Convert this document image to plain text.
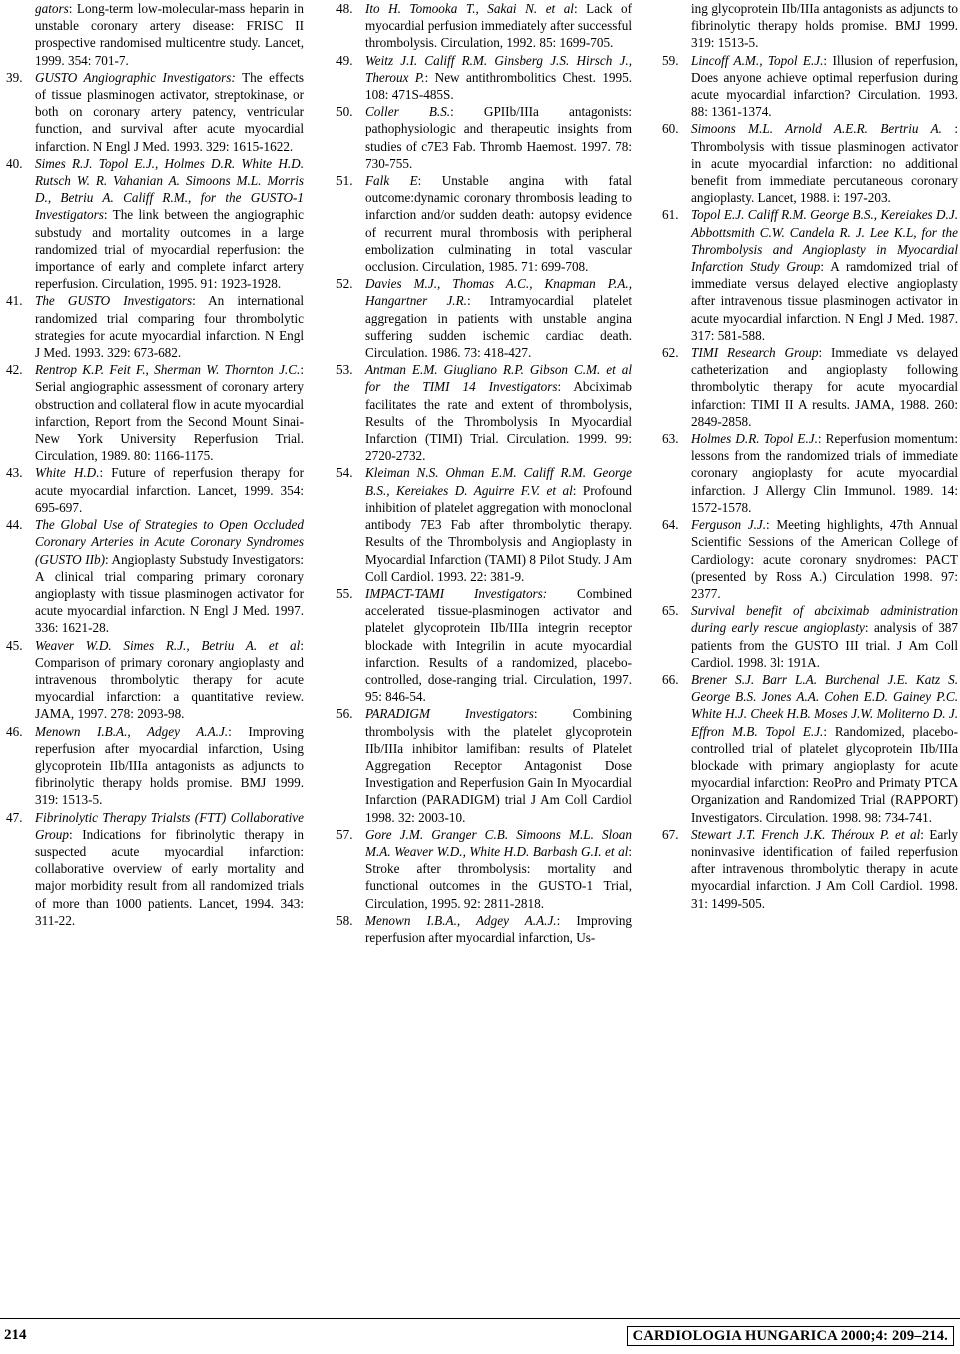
gators: Long-term low-molecular-mass heparin in unstable coronary artery disease: FRISC II prospective randomised multicentre study. Lancet, 1999. 354: 701-7.

39. GUSTO Angiographic Investigators: The effects of tissue plasminogen activator, streptokinase, or both on coronary artery patency, ventricular function, and survival after acute myocardial infarction. N Engl J Med. 1993. 329: 1615-1622.

40. Simes R.J. Topol E.J., Holmes D.R. White H.D. Rutsch W. R. Vahanian A. Simoons M.L. Morris D., Betriu A. Califf R.M., for the GUSTO-1 Investigators: The link between the angiographic substudy and mortality outcomes in a large randomized trial of myocardial reperfusion: the importance of early and complete infarct artery reperfusion. Circulation, 1995. 91: 1923-1928.

41. The GUSTO Investigators: An international randomized trial comparing four thrombolytic strategies for acute myocardial infarction. N Engl J Med. 1993. 329: 673-682.

42. Rentrop K.P. Feit F., Sherman W. Thornton J.C.: Serial angiographic assessment of coronary artery obstruction and collateral flow in acute myocardial infarction, Report from the Second Mount Sinai-New York University Reperfusion Trial. Circulation, 1989. 80: 1166-1175.

43. White H.D.: Future of reperfusion therapy for acute myocardial infarction. Lancet, 1999. 354: 695-697.

44. The Global Use of Strategies to Open Occluded Coronary Arteries in Acute Coronary Syndromes (GUSTO IIb): Angioplasty Substudy Investigators: A clinical trial comparing primary coronary angioplasty with tissue plasminogen activator for acute myocardial infarction. N Engl J Med. 1997. 336: 1621-28.

45. Weaver W.D. Simes R.J., Betriu A. et al: Comparison of primary coronary angioplasty and intravenous thrombolytic therapy for acute myocardial infarction: a quantitative review. JAMA, 1997. 278: 2093-98.

46. Menown I.B.A., Adgey A.A.J.: Improving reperfusion after myocardial infarction, Using glycoprotein IIb/IIIa antagonists as adjuncts to fibrinolytic therapy holds promise. BMJ 1999. 319: 1513-5.

47. Fibrinolytic Therapy Trialsts (FTT) Collaborative Group: Indications for fibrinolytic therapy in suspected acute myocardial infarction: collaborative overview of early mortality and major morbidity result from all randomized trials of more than 1000 patients. Lancet, 1994. 343: 311-22.

48. Ito H. Tomooka T., Sakai N. et al: Lack of myocardial perfusion immediately after successful thrombolysis. Circulation, 1992. 85: 1699-705.

49. Weitz J.I. Califf R.M. Ginsberg J.S. Hirsch J., Theroux P.: New antithrombolitics Chest. 1995. 108: 471S-485S.

50. Coller B.S.: GPIIb/IIIa antagonists: pathophysiologic and therapeutic insights from studies of c7E3 Fab. Thromb Haemost. 1997. 78: 730-755.

51. Falk E: Unstable angina with fatal outcome:dynamic coronary thrombosis leading to infarction and/or sudden death: autopsy evidence of recurrent mural thrombosis with peripheral embolization culminating in total vascular occlusion. Circulation, 1985. 71: 699-708.

52. Davies M.J., Thomas A.C., Knapman P.A., Hangartner J.R.: Intramyocardial platelet aggregation in patients with unstable angina suffering sudden ischemic cardiac death. Circulation. 1986. 73: 418-427.

53. Antman E.M. Giugliano R.P. Gibson C.M. et al for the TIMI 14 Investigators: Abciximab facilitates the rate and extent of thrombolysis, Results of the Thrombolysis In Myocardial Infarction (TIMI) Trial. Circulation. 1999. 99: 2720-2732.

54. Kleiman N.S. Ohman E.M. Califf R.M. George B.S., Kereiakes D. Aguirre F.V. et al: Profound inhibition of platelet aggregation with monoclonal antibody 7E3 Fab after thrombolytic therapy. Results of the Thrombolysis and Angioplasty in Myocardial Infarction (TAMI) 8 Pilot Study. J Am Coll Cardiol. 1993. 22: 381-9.

55. IMPACT-TAMI Investigators: Combined accelerated tissue-plasminogen activator and platelet glycoprotein IIb/IIIa integrin receptor blockade with Integrilin in acute myocardial infarction. Results of a randomized, placebo-controlled, dose-ranging trial. Circulation, 1997. 95: 846-54.

56. PARADIGM Investigators: Combining thrombolysis with the platelet glycoprotein IIb/IIIa inhibitor lamifiban: results of Platelet Aggregation Receptor Antagonist Dose Investigation and Reperfusion Gain In Myocardial Infarction (PARADIGM) trial J Am Coll Cardiol 1998. 32: 2003-10.

57. Gore J.M. Granger C.B. Simoons M.L. Sloan M.A. Weaver W.D., White H.D. Barbash G.I. et al: Stroke after thrombolysis: mortality and functional outcomes in the GUSTO-1 Trial, Circulation, 1995. 92: 2811-2818.

58. Menown I.B.A., Adgey A.A.J.: Improving reperfusion after myocardial infarction, Us-

ing glycoprotein IIb/IIIa antagonists as adjuncts to fibrinolytic therapy holds promise. BMJ 1999. 319: 1513-5.

59. Lincoff A.M., Topol E.J.: Illusion of reperfusion, Does anyone achieve optimal reperfusion during acute myocardial infarction? Circulation. 1993. 88: 1361-1374.

60. Simoons M.L. Arnold A.E.R. Bertriu A. : Thrombolysis with tissue plasminogen activator in acute myocardial infarction: no additional benefit from immediate percutaneous coronary angioplasty. Lancet, 1988. i: 197-203.

61. Topol E.J. Califf R.M. George B.S., Kereiakes D.J. Abbottsmith C.W. Candela R. J. Lee K.L, for the Thrombolysis and Angioplasty in Myocardial Infarction Study Group: A ramdomized trial of immediate versus delayed elective angioplasty after intravenous tissue plasminogen activator in acute myocardial infarction. N Engl J Med. 1987. 317: 581-588.

62. TIMI Research Group: Immediate vs delayed catheterization and angioplasty following thrombolytic therapy for acute myocardial infarction: TIMI II A results. JAMA, 1988. 260: 2849-2858.

63. Holmes D.R. Topol E.J.: Reperfusion momentum: lessons from the randomized trials of immediate coronary angioplasty for acute myocardial infarction. J Allergy Clin Immunol. 1989. 14: 1572-1578.

64. Ferguson J.J.: Meeting highlights, 47th Annual Scientific Sessions of the American College of Cardiology: acute coronary snydromes: PACT (presented by Ross A.) Circulation 1998. 97: 2377.

65. Survival benefit of abciximab administration during early rescue angioplasty: analysis of 387 patients from the GUSTO III trial. J Am Coll Cardiol. 1998. 3l: 191A.

66. Brener S.J. Barr L.A. Burchenal J.E. Katz S. George B.S. Jones A.A. Cohen E.D. Gainey P.C. White H.J. Cheek H.B. Moses J.W. Moliterno D. J. Effron M.B. Topol E.J.: Randomized, placebo-controlled trial of platelet glycoprotein IIb/IIIa blockade with primary angioplasty for acute myocardial infarction: ReoPro and Primaty PTCA Organization and Randomized Trial (RAPPORT) Investigators. Circulation. 1998. 98: 734-741.

67. Stewart J.T. French J.K. Théroux P. et al: Early noninvasive identification of failed reperfusion after intravenous thrombolytic therapy in acute myocardial infarction. J Am Coll Cardiol. 1998. 31: 1499-505.

214	CARDIOLOGIA HUNGARICA 2000;4: 209–214.
